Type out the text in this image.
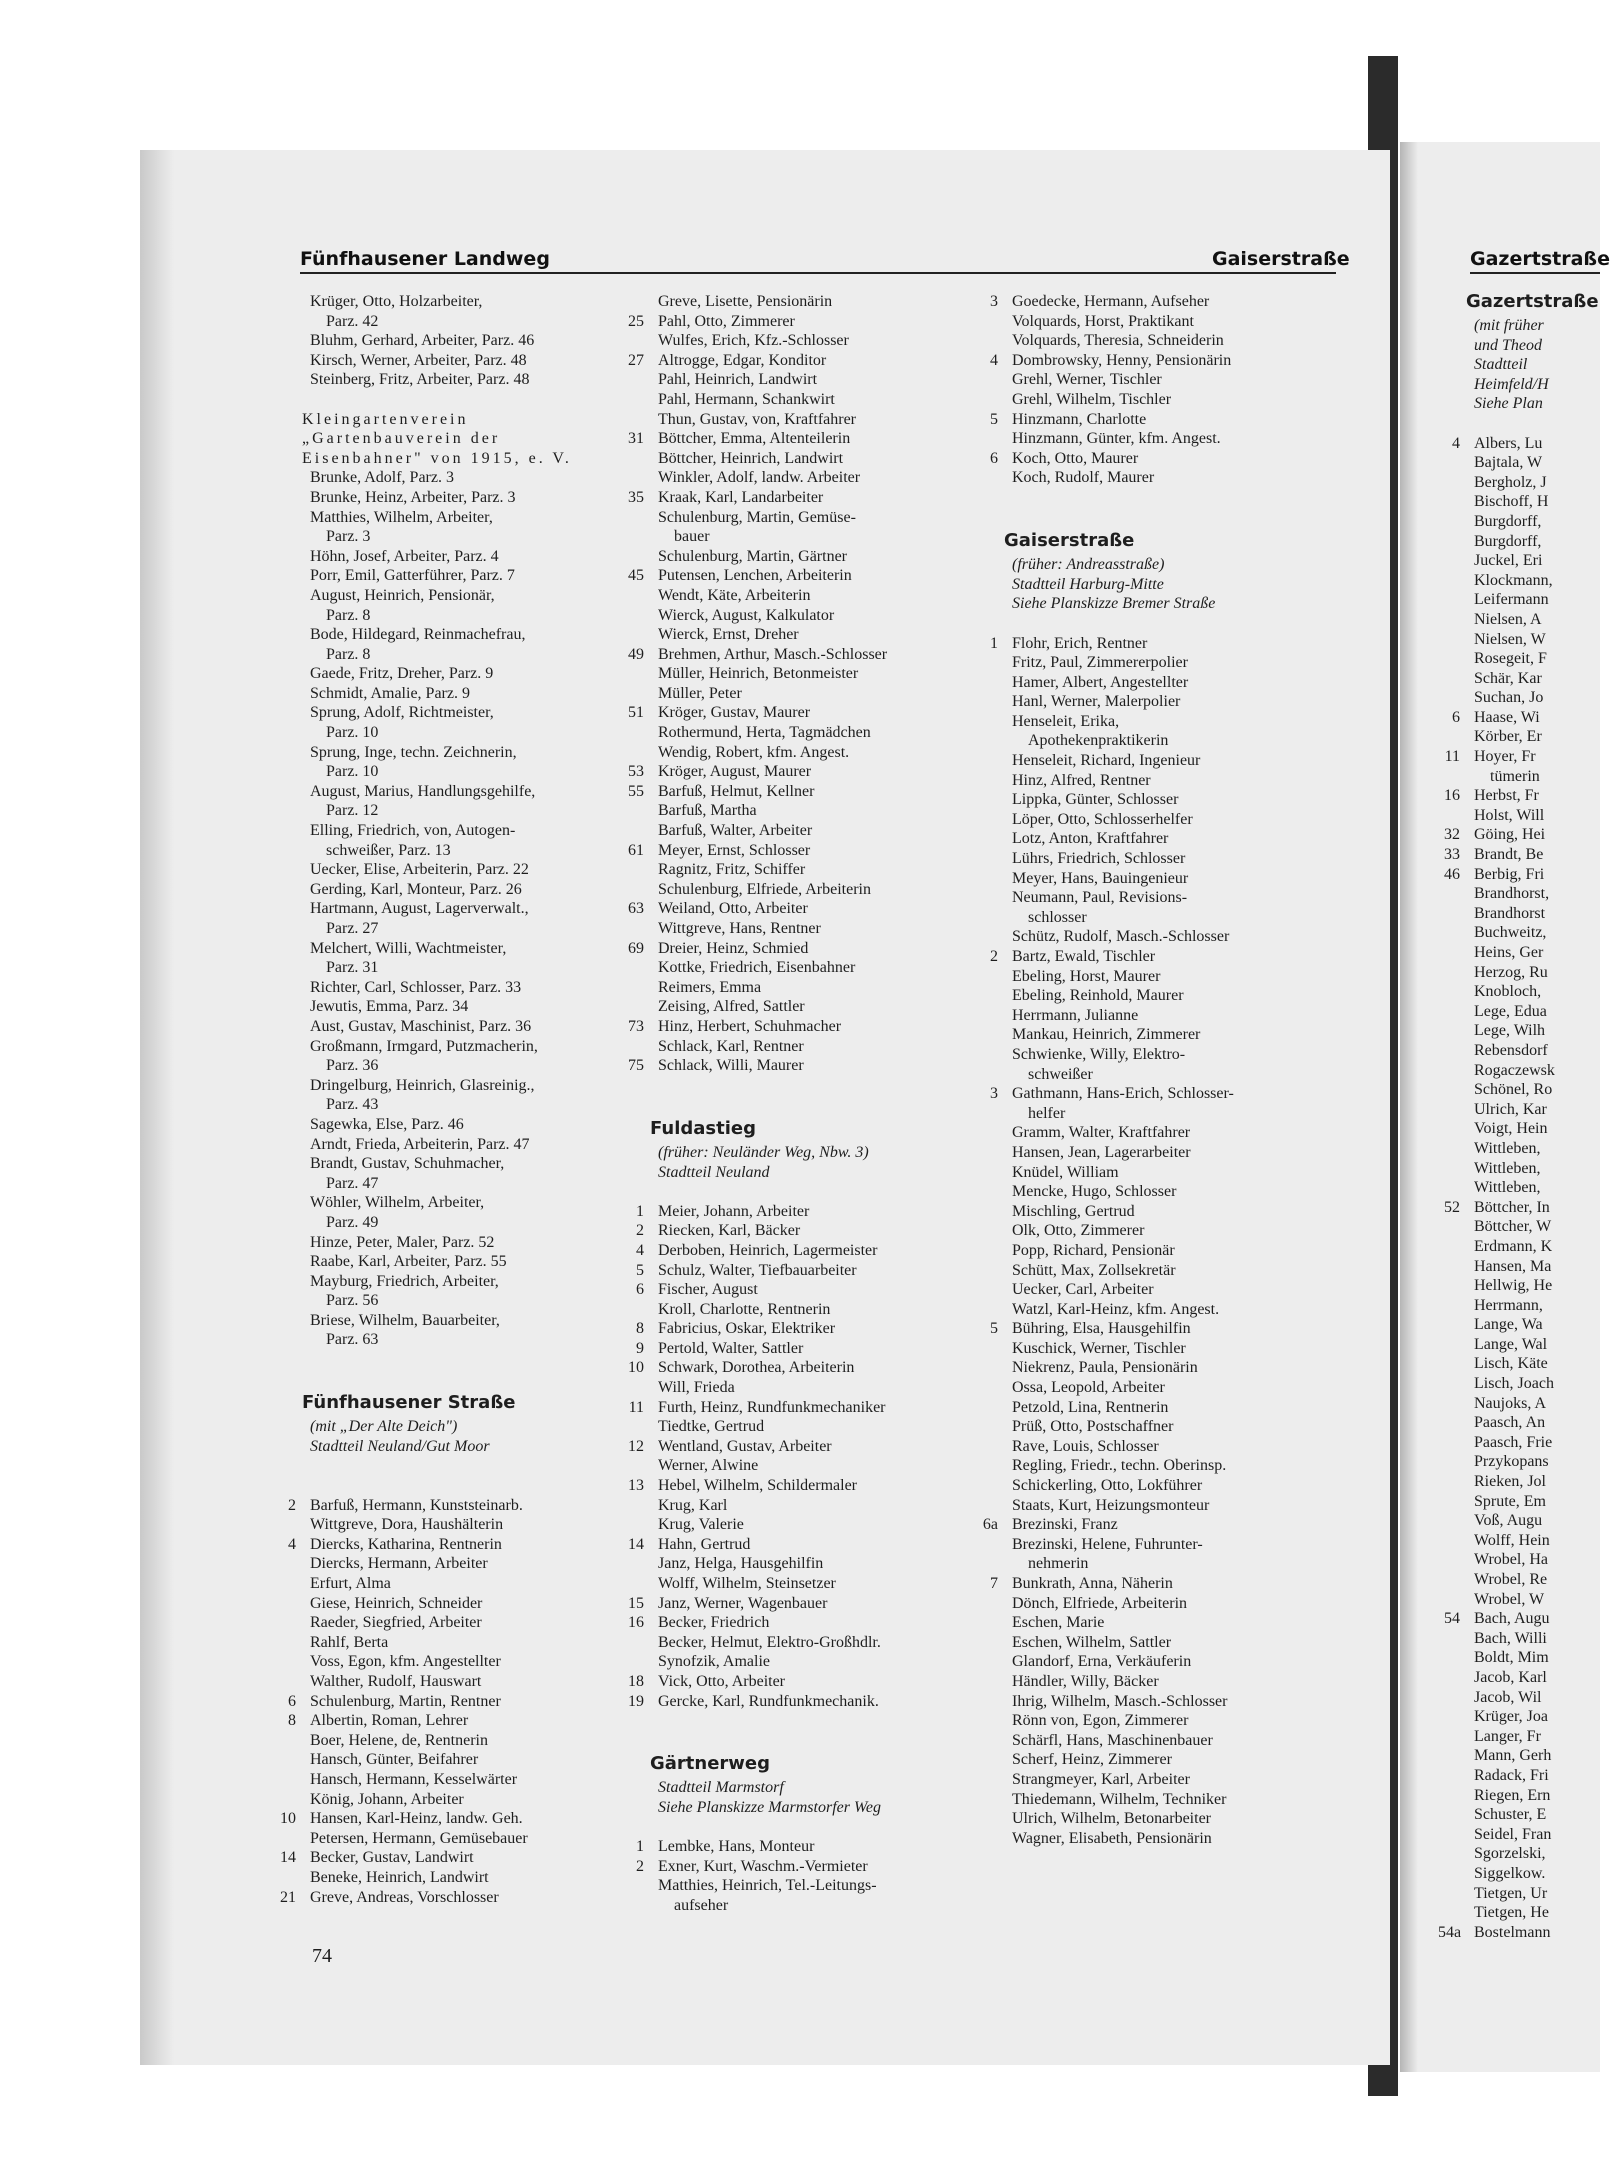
Fünfhausener Landweg	Gaiserstraße	Gazertstraße
Krüger, Otto, Holzarbeiter,
Parz. 42
Bluhm, Gerhard, Arbeiter, Parz. 46
Kirsch, Werner, Arbeiter, Parz. 48
Steinberg, Fritz, Arbeiter, Parz. 48
Kleingartenverein
„Gartenbauverein der
Eisenbahner" von 1915, e. V.
Brunke, Adolf, Parz. 3
Brunke, Heinz, Arbeiter, Parz. 3
Matthies, Wilhelm, Arbeiter,
Parz. 3
Höhn, Josef, Arbeiter, Parz. 4
Porr, Emil, Gatterführer, Parz. 7
August, Heinrich, Pensionär,
Parz. 8
Bode, Hildegard, Reinmachefrau,
Parz. 8
Gaede, Fritz, Dreher, Parz. 9
Schmidt, Amalie, Parz. 9
Sprung, Adolf, Richtmeister,
Parz. 10
Sprung, Inge, techn. Zeichnerin,
Parz. 10
August, Marius, Handlungsgehilfe,
Parz. 12
Elling, Friedrich, von, Autogen-
schweißer, Parz. 13
Uecker, Elise, Arbeiterin, Parz. 22
Gerding, Karl, Monteur, Parz. 26
Hartmann, August, Lagerverwalt.,
Parz. 27
Melchert, Willi, Wachtmeister,
Parz. 31
Richter, Carl, Schlosser, Parz. 33
Jewutis, Emma, Parz. 34
Aust, Gustav, Maschinist, Parz. 36
Großmann, Irmgard, Putzmacherin,
Parz. 36
Dringelburg, Heinrich, Glasreinig.,
Parz. 43
Sagewka, Else, Parz. 46
Arndt, Frieda, Arbeiterin, Parz. 47
Brandt, Gustav, Schuhmacher,
Parz. 47
Wöhler, Wilhelm, Arbeiter,
Parz. 49
Hinze, Peter, Maler, Parz. 52
Raabe, Karl, Arbeiter, Parz. 55
Mayburg, Friedrich, Arbeiter,
Parz. 56
Briese, Wilhelm, Bauarbeiter,
Parz. 63
Fünfhausener Straße
(mit „Der Alte Deich")
Stadtteil Neuland/Gut Moor
2 Barfuß, Hermann, Kunststeinarb.
Wittgreve, Dora, Haushälterin
4 Diercks, Katharina, Rentnerin
Diercks, Hermann, Arbeiter
Erfurt, Alma
Giese, Heinrich, Schneider
Raeder, Siegfried, Arbeiter
Rahlf, Berta
Voss, Egon, kfm. Angestellter
Walther, Rudolf, Hauswart
6 Schulenburg, Martin, Rentner
8 Albertin, Roman, Lehrer
Boer, Helene, de, Rentnerin
Hansch, Günter, Beifahrer
Hansch, Hermann, Kesselwärter
König, Johann, Arbeiter
10 Hansen, Karl-Heinz, landw. Geh.
Petersen, Hermann, Gemüsebauer
14 Becker, Gustav, Landwirt
Beneke, Heinrich, Landwirt
21 Greve, Andreas, Vorschlosser
Greve, Lisette, Pensionärin
25 Pahl, Otto, Zimmerer
Wulfes, Erich, Kfz.-Schlosser
27 Altrogge, Edgar, Konditor
Pahl, Heinrich, Landwirt
Pahl, Hermann, Schankwirt
Thun, Gustav, von, Kraftfahrer
31 Böttcher, Emma, Altenteilerin
Böttcher, Heinrich, Landwirt
Winkler, Adolf, landw. Arbeiter
35 Kraak, Karl, Landarbeiter
Schulenburg, Martin, Gemüse-
bauer
Schulenburg, Martin, Gärtner
45 Putensen, Lenchen, Arbeiterin
Wendt, Käte, Arbeiterin
Wierck, August, Kalkulator
Wierck, Ernst, Dreher
49 Brehmen, Arthur, Masch.-Schlosser
Müller, Heinrich, Betonmeister
Müller, Peter
51 Kröger, Gustav, Maurer
Rothermund, Herta, Tagmädchen
Wendig, Robert, kfm. Angest.
53 Kröger, August, Maurer
55 Barfuß, Helmut, Kellner
Barfuß, Martha
Barfuß, Walter, Arbeiter
61 Meyer, Ernst, Schlosser
Ragnitz, Fritz, Schiffer
Schulenburg, Elfriede, Arbeiterin
63 Weiland, Otto, Arbeiter
Wittgreve, Hans, Rentner
69 Dreier, Heinz, Schmied
Kottke, Friedrich, Eisenbahner
Reimers, Emma
Zeising, Alfred, Sattler
73 Hinz, Herbert, Schuhmacher
Schlack, Karl, Rentner
75 Schlack, Willi, Maurer
Fuldastieg
(früher: Neuländer Weg, Nbw. 3)
Stadtteil Neuland
1 Meier, Johann, Arbeiter
2 Riecken, Karl, Bäcker
4 Derboben, Heinrich, Lagermeister
5 Schulz, Walter, Tiefbauarbeiter
6 Fischer, August
Kroll, Charlotte, Rentnerin
8 Fabricius, Oskar, Elektriker
9 Pertold, Walter, Sattler
10 Schwark, Dorothea, Arbeiterin
Will, Frieda
11 Furth, Heinz, Rundfunkmechaniker
Tiedtke, Gertrud
12 Wentland, Gustav, Arbeiter
Werner, Alwine
13 Hebel, Wilhelm, Schildermaler
Krug, Karl
Krug, Valerie
14 Hahn, Gertrud
Janz, Helga, Hausgehilfin
Wolff, Wilhelm, Steinsetzer
15 Janz, Werner, Wagenbauer
16 Becker, Friedrich
Becker, Helmut, Elektro-Großhdlr.
Synofzik, Amalie
18 Vick, Otto, Arbeiter
19 Gercke, Karl, Rundfunkmechanik.
Gärtnerweg
Stadtteil Marmstorf
Siehe Planskizze Marmstorfer Weg
1 Lembke, Hans, Monteur
2 Exner, Kurt, Waschm.-Vermieter
Matthies, Heinrich, Tel.-Leitungs-
aufseher
3 Goedecke, Hermann, Aufseher
Volquards, Horst, Praktikant
Volquards, Theresia, Schneiderin
4 Dombrowsky, Henny, Pensionärin
Grehl, Werner, Tischler
Grehl, Wilhelm, Tischler
5 Hinzmann, Charlotte
Hinzmann, Günter, kfm. Angest.
6 Koch, Otto, Maurer
Koch, Rudolf, Maurer
Gaiserstraße
(früher: Andreasstraße)
Stadtteil Harburg-Mitte
Siehe Planskizze Bremer Straße
1 Flohr, Erich, Rentner
Fritz, Paul, Zimmererpolier
Hamer, Albert, Angestellter
Hanl, Werner, Malerpolier
Henseleit, Erika,
Apothekenpraktikerin
Henseleit, Richard, Ingenieur
Hinz, Alfred, Rentner
Lippka, Günter, Schlosser
Löper, Otto, Schlosserhelfer
Lotz, Anton, Kraftfahrer
Lührs, Friedrich, Schlosser
Meyer, Hans, Bauingenieur
Neumann, Paul, Revisions-
schlosser
Schütz, Rudolf, Masch.-Schlosser
2 Bartz, Ewald, Tischler
Ebeling, Horst, Maurer
Ebeling, Reinhold, Maurer
Herrmann, Julianne
Mankau, Heinrich, Zimmerer
Schwienke, Willy, Elektro-
schweißer
3 Gathmann, Hans-Erich, Schlosser-
helfer
Gramm, Walter, Kraftfahrer
Hansen, Jean, Lagerarbeiter
Knüdel, William
Mencke, Hugo, Schlosser
Mischling, Gertrud
Olk, Otto, Zimmerer
Popp, Richard, Pensionär
Schütt, Max, Zollsekretär
Uecker, Carl, Arbeiter
Watzl, Karl-Heinz, kfm. Angest.
5 Bühring, Elsa, Hausgehilfin
Kuschick, Werner, Tischler
Niekrenz, Paula, Pensionärin
Ossa, Leopold, Arbeiter
Petzold, Lina, Rentnerin
Prüß, Otto, Postschaffner
Rave, Louis, Schlosser
Regling, Friedr., techn. Oberinsp.
Schickerling, Otto, Lokführer
Staats, Kurt, Heizungsmonteur
6a Brezinski, Franz
Brezinski, Helene, Fuhrunter-
nehmerin
7 Bunkrath, Anna, Näherin
Dönch, Elfriede, Arbeiterin
Eschen, Marie
Eschen, Wilhelm, Sattler
Glandorf, Erna, Verkäuferin
Händler, Willy, Bäcker
Ihrig, Wilhelm, Masch.-Schlosser
Rönn von, Egon, Zimmerer
Schärfl, Hans, Maschinenbauer
Scherf, Heinz, Zimmerer
Strangmeyer, Karl, Arbeiter
Thiedemann, Wilhelm, Techniker
Ulrich, Wilhelm, Betonarbeiter
Wagner, Elisabeth, Pensionärin
Gazertstraße
(mit früher
und Theod
Stadtteil
Heimfeld/H
Siehe Plan
4 Albers, Lu
Bajtala, W
Bergholz, J
Bischoff, H
Burgdorff,
Burgdorff,
Juckel, Eri
Klockmann,
Leifermann
Nielsen, A
Nielsen, W
Rosegeit, F
Schär, Kar
Suchan, Jo
6 Haase, Wi
Körber, Er
11 Hoyer, Fr
tümerin
16 Herbst, Fr
Holst, Will
32 Göing, Hei
33 Brandt, Be
46 Berbig, Fri
Brandhorst,
Brandhorst
Buchweitz,
Heins, Ger
Herzog, Ru
Knobloch,
Lege, Edua
Lege, Wilh
Rebensdorf
Rogaczewsk
Schönel, Ro
Ulrich, Kar
Voigt, Hein
Wittleben,
Wittleben,
Wittleben,
52 Böttcher, In
Böttcher, W
Erdmann, K
Hansen, Ma
Hellwig, He
Herrmann,
Lange, Wa
Lange, Wal
Lisch, Käte
Lisch, Joach
Naujoks, A
Paasch, An
Paasch, Frie
Przykopans
Rieken, Jol
Sprute, Em
Voß, Augu
Wolff, Hein
Wrobel, Ha
Wrobel, Re
Wrobel, W
54 Bach, Augu
Bach, Willi
Boldt, Mim
Jacob, Karl
Jacob, Wil
Krüger, Joa
Langer, Fr
Mann, Gerh
Radack, Fri
Riegen, Ern
Schuster, E
Seidel, Fran
Sgorzelski,
Siggelkow.
Tietgen, Ur
Tietgen, He
54a Bostelmann
74
